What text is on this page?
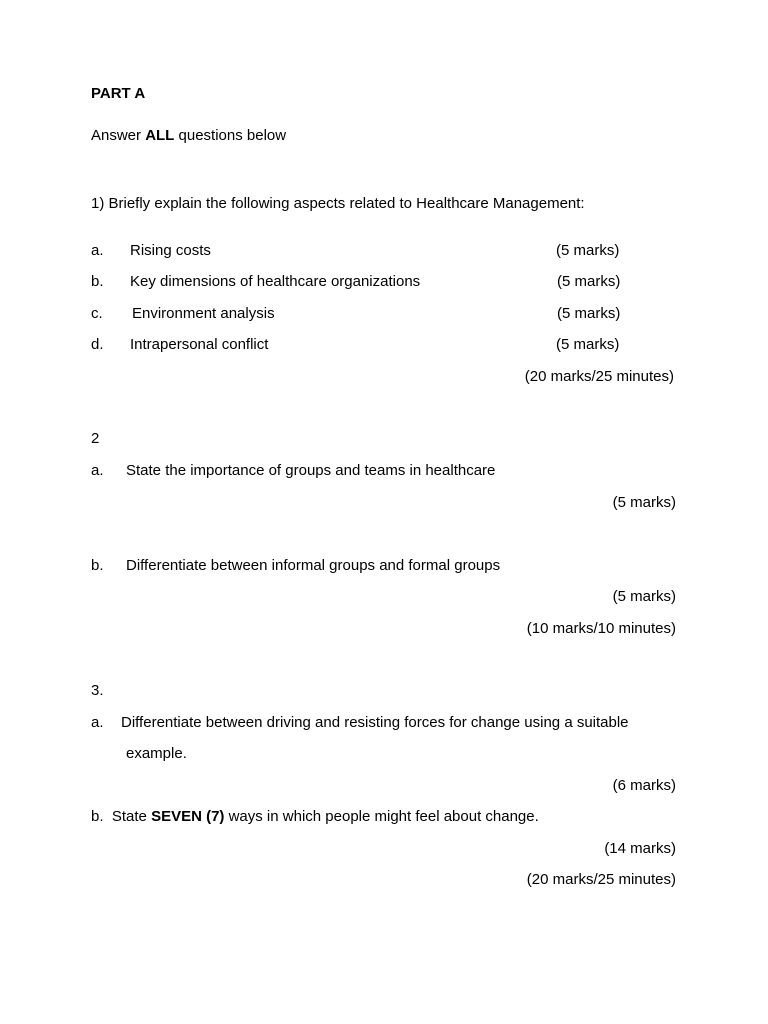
PART A
Answer ALL questions below
1) Briefly explain the following aspects related to Healthcare Management:
a. Rising costs	(5 marks)
b. Key dimensions of healthcare organizations	(5 marks)
c. Environment analysis	(5 marks)
d. Intrapersonal conflict	(5 marks)
(20 marks/25 minutes)
2
a. State the importance of groups and teams in healthcare
(5 marks)
b. Differentiate between informal groups and formal groups
(5 marks)
(10 marks/10 minutes)
3.
a. Differentiate between driving and resisting forces for change using a suitable
example.
(6 marks)
b. State SEVEN (7) ways in which people might feel about change.
(14 marks)
(20 marks/25 minutes)
